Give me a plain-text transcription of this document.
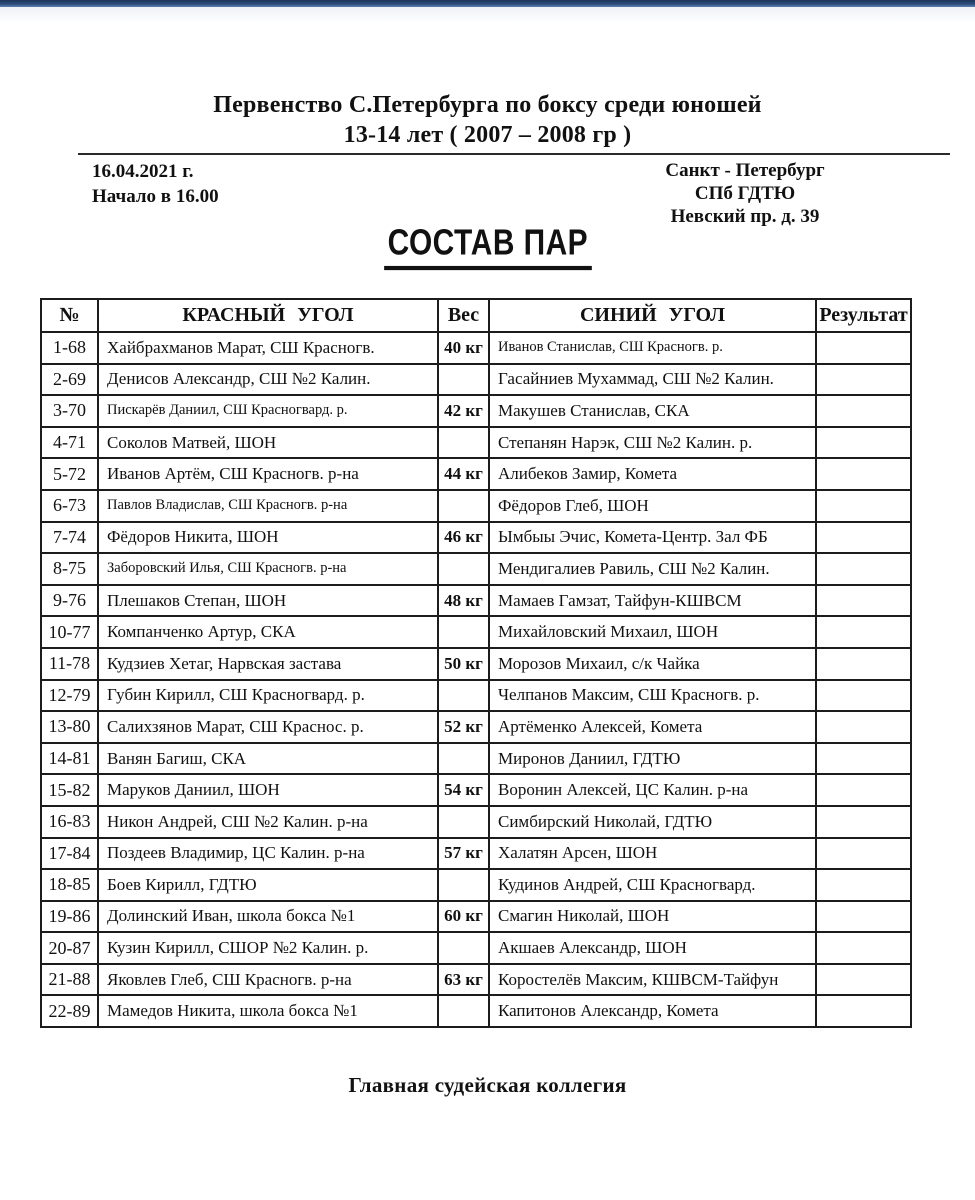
Первенство С.Петербурга по боксу среди юношей
13-14 лет ( 2007 – 2008 гр )
16.04.2021 г.
Начало в 16.00
Санкт - Петербург
СПб ГДТЮ
Невский пр. д. 39
СОСТАВ ПАР
№	КРАСНЫЙ УГОЛ	Вес	СИНИЙ УГОЛ	Результат
1-68	Хайбрахманов Марат, СШ Красногв.	40 кг	Иванов Станислав, СШ Красногв. р.	
2-69	Денисов Александр, СШ №2 Калин.		Гасайниев Мухаммад, СШ №2 Калин.	
3-70	Пискарёв Даниил, СШ Красногвард. р.	42 кг	Макушев Станислав, СКА	
4-71	Соколов Матвей, ШОН		Степанян Нарэк, СШ №2 Калин. р.	
5-72	Иванов Артём, СШ Красногв. р-на	44 кг	Алибеков Замир, Комета	
6-73	Павлов Владислав, СШ Красногв. р-на		Фёдоров Глеб, ШОН	
7-74	Фёдоров Никита, ШОН	46 кг	Ымбыы Эчис, Комета-Центр. Зал ФБ	
8-75	Заборовский Илья, СШ Красногв. р-на		Мендигалиев Равиль, СШ №2 Калин.	
9-76	Плешаков Степан, ШОН	48 кг	Мамаев Гамзат, Тайфун-КШВСМ	
10-77	Компанченко Артур, СКА		Михайловский Михаил, ШОН	
11-78	Кудзиев Хетаг, Нарвская застава	50 кг	Морозов Михаил, с/к Чайка	
12-79	Губин Кирилл, СШ Красногвард. р.		Челпанов Максим, СШ Красногв. р.	
13-80	Салихзянов Марат, СШ Краснос. р.	52 кг	Артёменко Алексей, Комета	
14-81	Ванян Багиш, СКА		Миронов Даниил, ГДТЮ	
15-82	Маруков Даниил, ШОН	54 кг	Воронин Алексей, ЦС Калин. р-на	
16-83	Никон Андрей, СШ №2 Калин. р-на		Симбирский Николай, ГДТЮ	
17-84	Поздеев Владимир, ЦС Калин. р-на	57 кг	Халатян Арсен, ШОН	
18-85	Боев Кирилл, ГДТЮ		Кудинов Андрей, СШ Красногвард.	
19-86	Долинский Иван, школа бокса №1	60 кг	Смагин Николай, ШОН	
20-87	Кузин Кирилл, СШОР №2 Калин. р.		Акшаев Александр, ШОН	
21-88	Яковлев Глеб, СШ Красногв. р-на	63 кг	Коростелёв Максим, КШВСМ-Тайфун	
22-89	Мамедов Никита, школа бокса №1		Капитонов Александр, Комета	
Главная судейская коллегия
